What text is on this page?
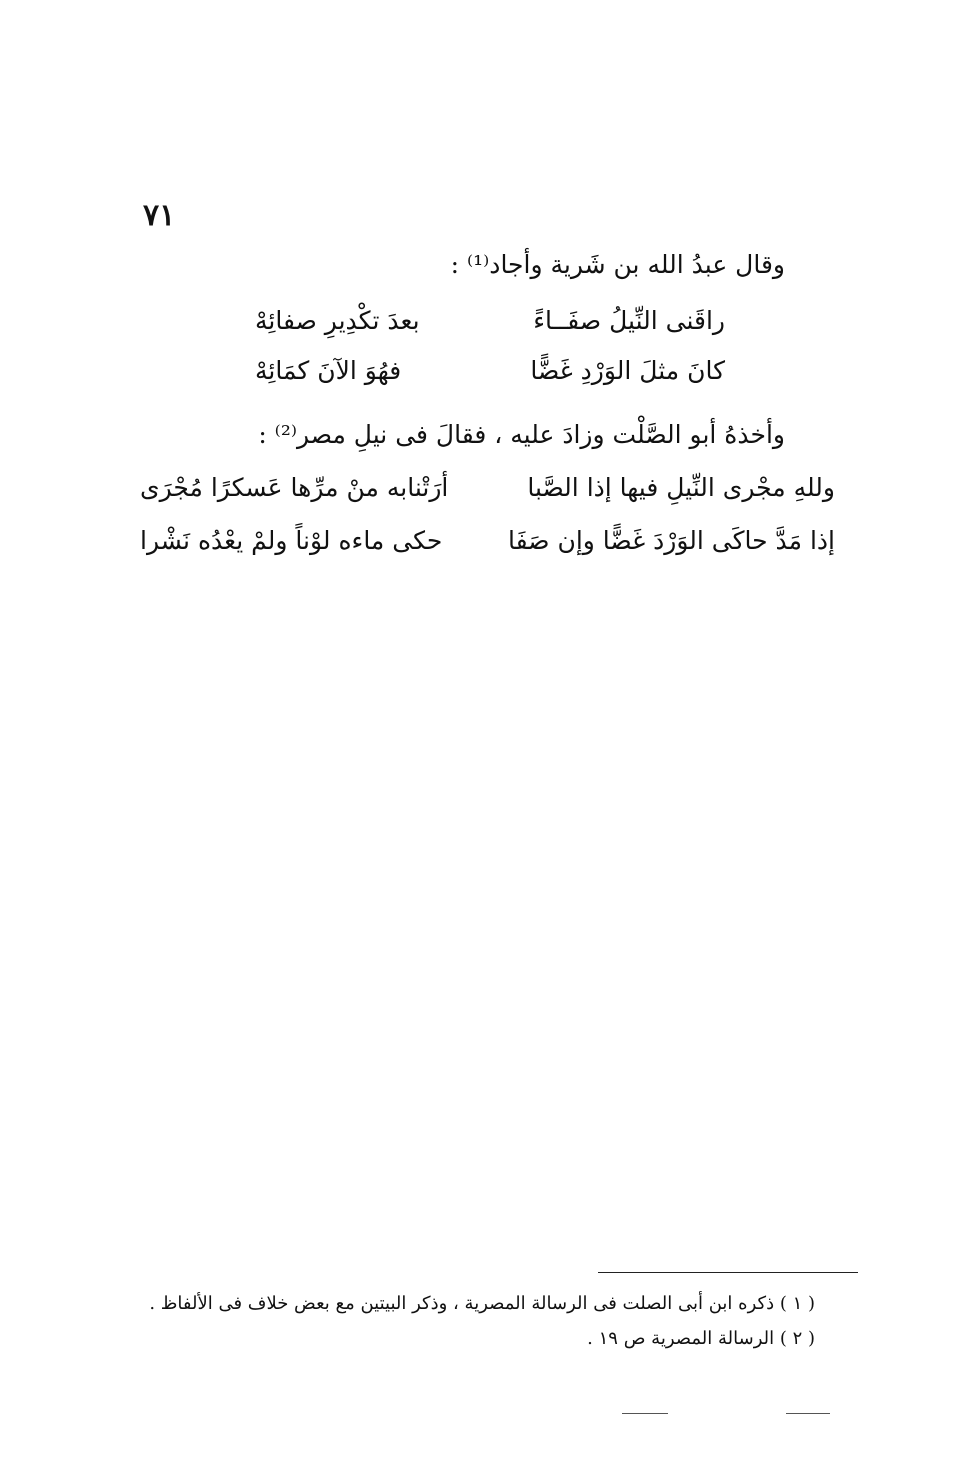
٧١
وقال عبدُ الله بن شَرية وأجاد⁽¹⁾ :
راقَنى النِّيلُ صفَــاءً
بعدَ تكْدِيرِ صفائِهْ
كانَ مثلَ الوَرْدِ غَضًّا
فهُوَ الآنَ كمَائِهْ
وأخذهُ أبو الصَّلْت وزادَ عليه ، فقالَ فى نيلِ مصر⁽²⁾ :
وللهِ مجْرى النِّيلِ فيها إذا الصَّبا
أرَتْنابه منْ مرِّها عَسكرًا مُجْرَى
إذا مَدَّ حاكَى الوَرْدَ غَضًّا وإن صَفَا
حكى ماءه لوْناً ولمْ يعْدُه نَشْرا
( ١ ) ذكره ابن أبى الصلت فى الرسالة المصرية ، وذكر البيتين مع بعض خلاف فى الألفاظ .
( ٢ ) الرسالة المصرية ص ١٩ .
